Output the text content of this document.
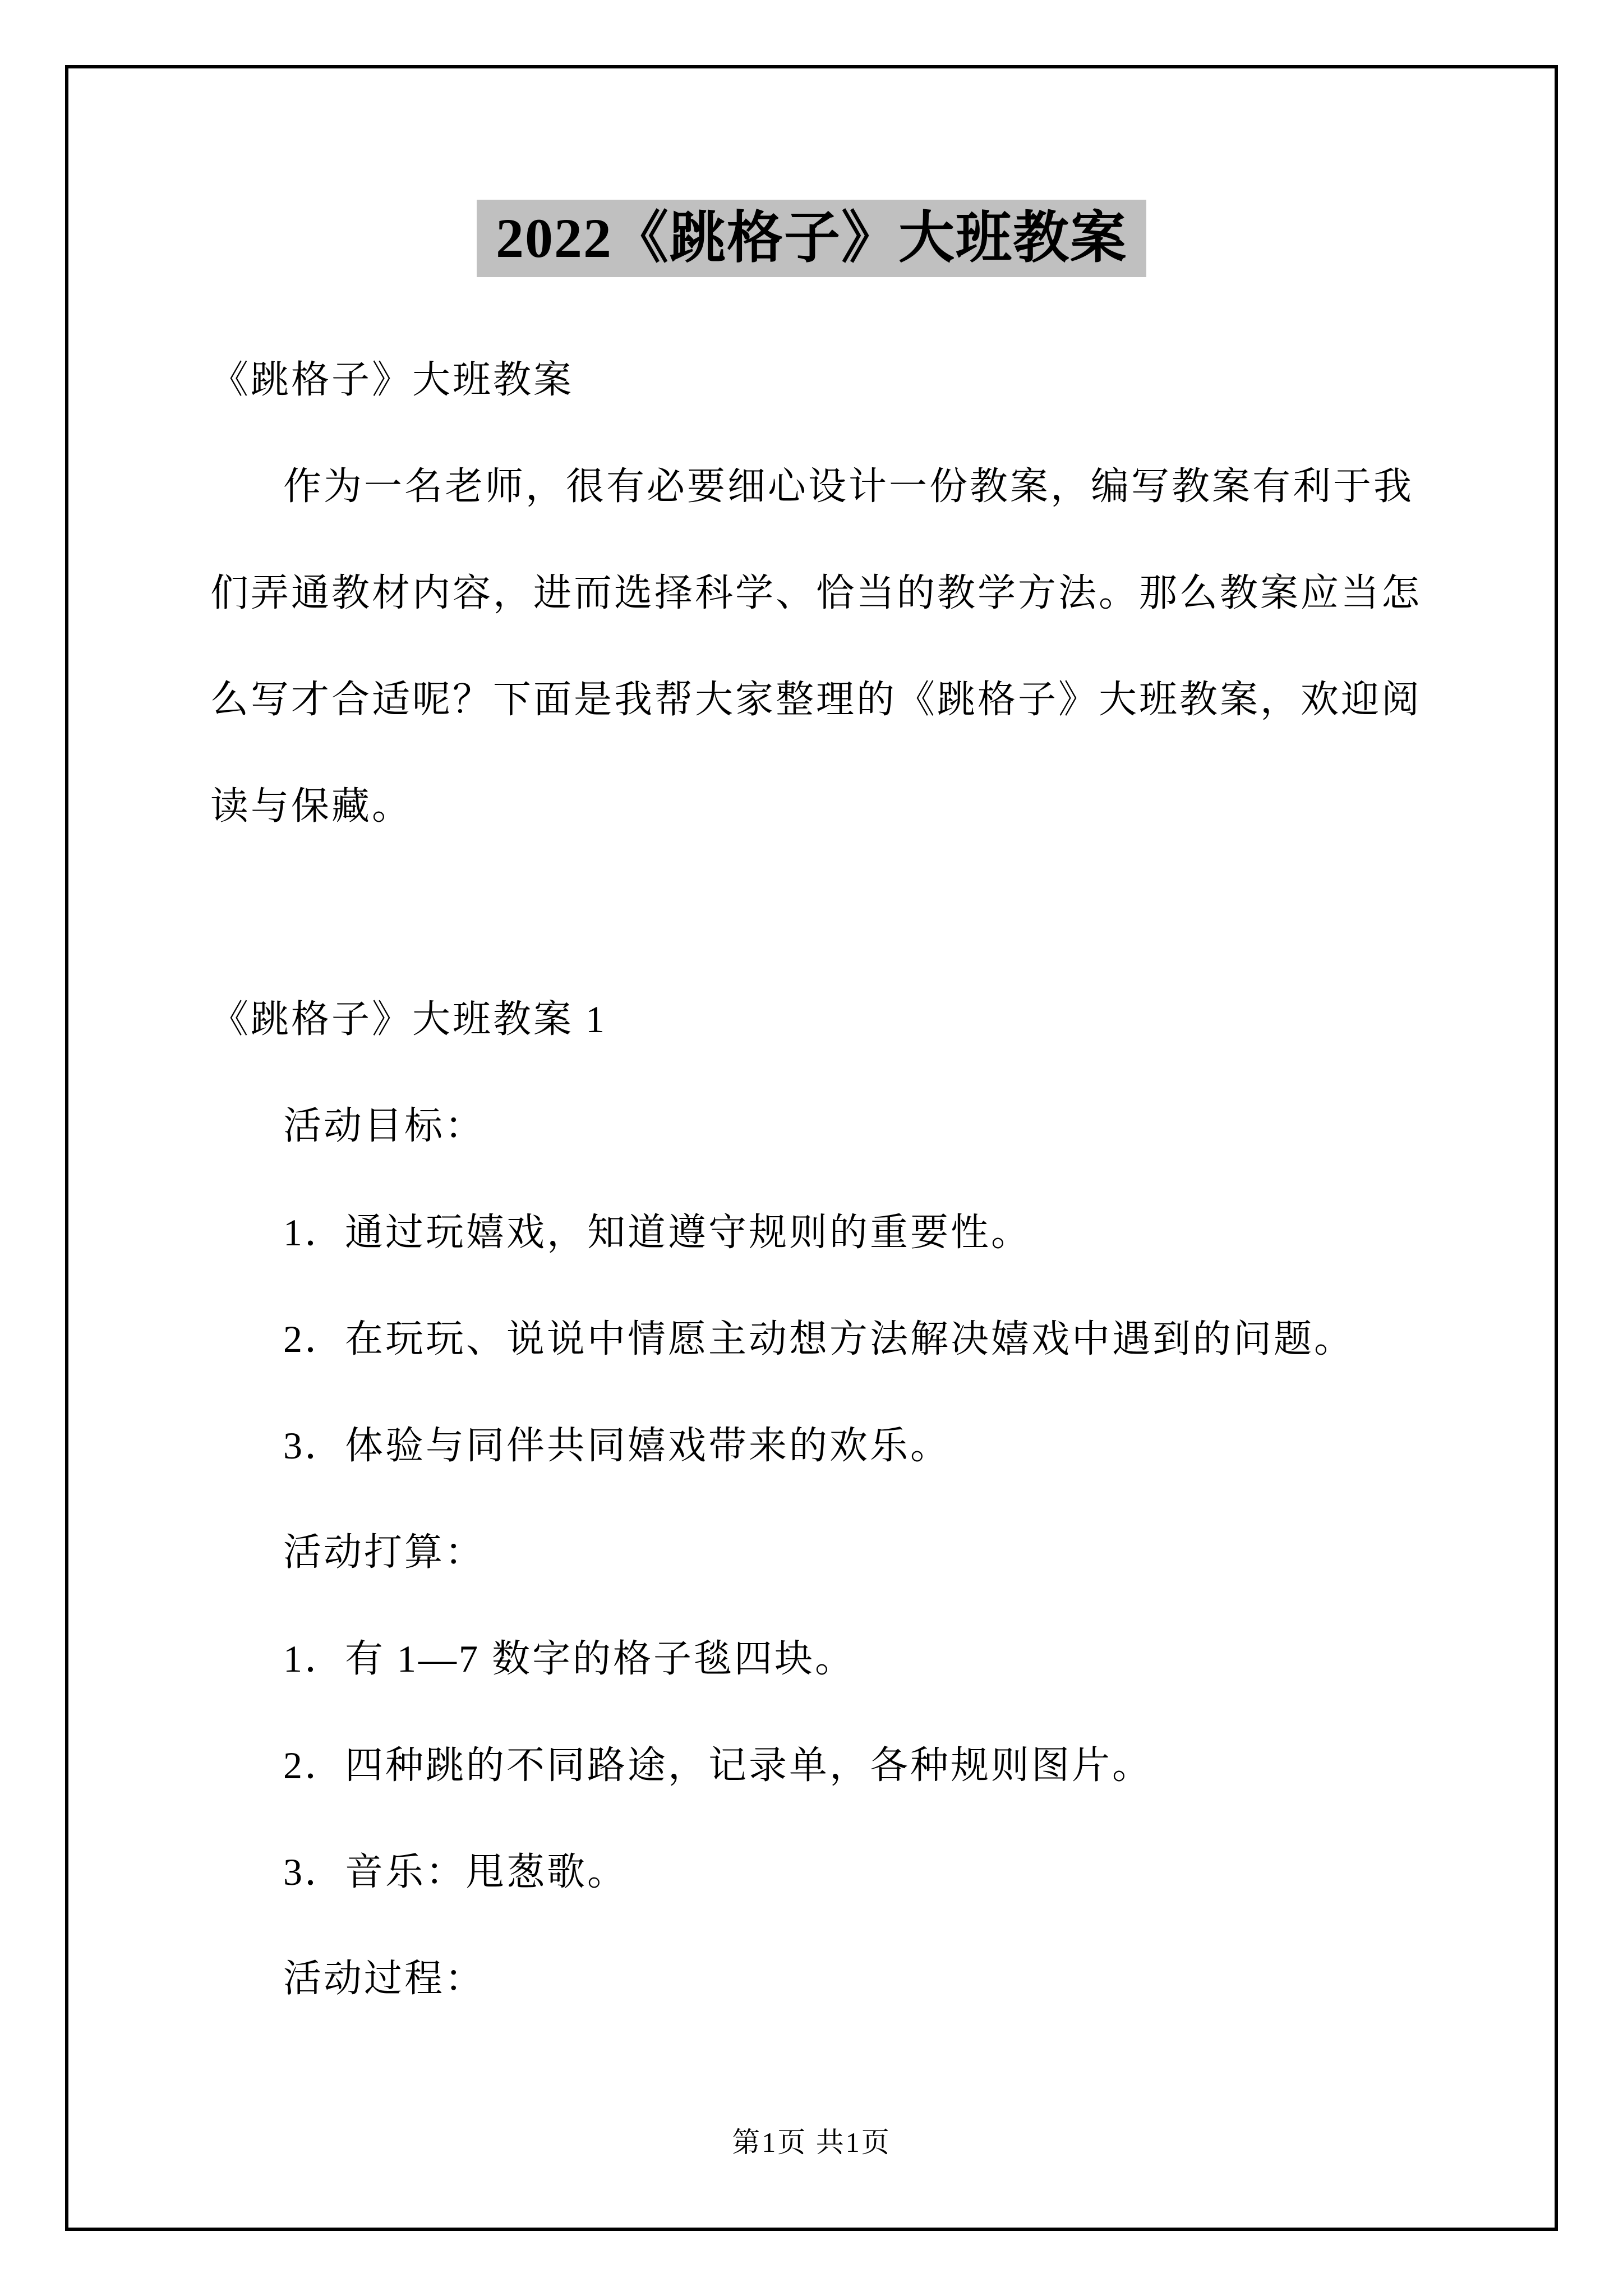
2022《跳格子》大班教案
《跳格子》大班教案
作为一名老师，很有必要细心设计一份教案，编写教案有利于我
们弄通教材内容，进而选择科学、恰当的教学方法。那么教案应当怎
么写才合适呢？下面是我帮大家整理的《跳格子》大班教案，欢迎阅
读与保藏。
《跳格子》大班教案 1
活动目标：
1．通过玩嬉戏，知道遵守规则的重要性。
2．在玩玩、说说中情愿主动想方法解决嬉戏中遇到的问题。
3．体验与同伴共同嬉戏带来的欢乐。
活动打算：
1．有 1—7 数字的格子毯四块。
2．四种跳的不同路途，记录单，各种规则图片。
3．音乐：甩葱歌。
活动过程：
第1页 共1页
